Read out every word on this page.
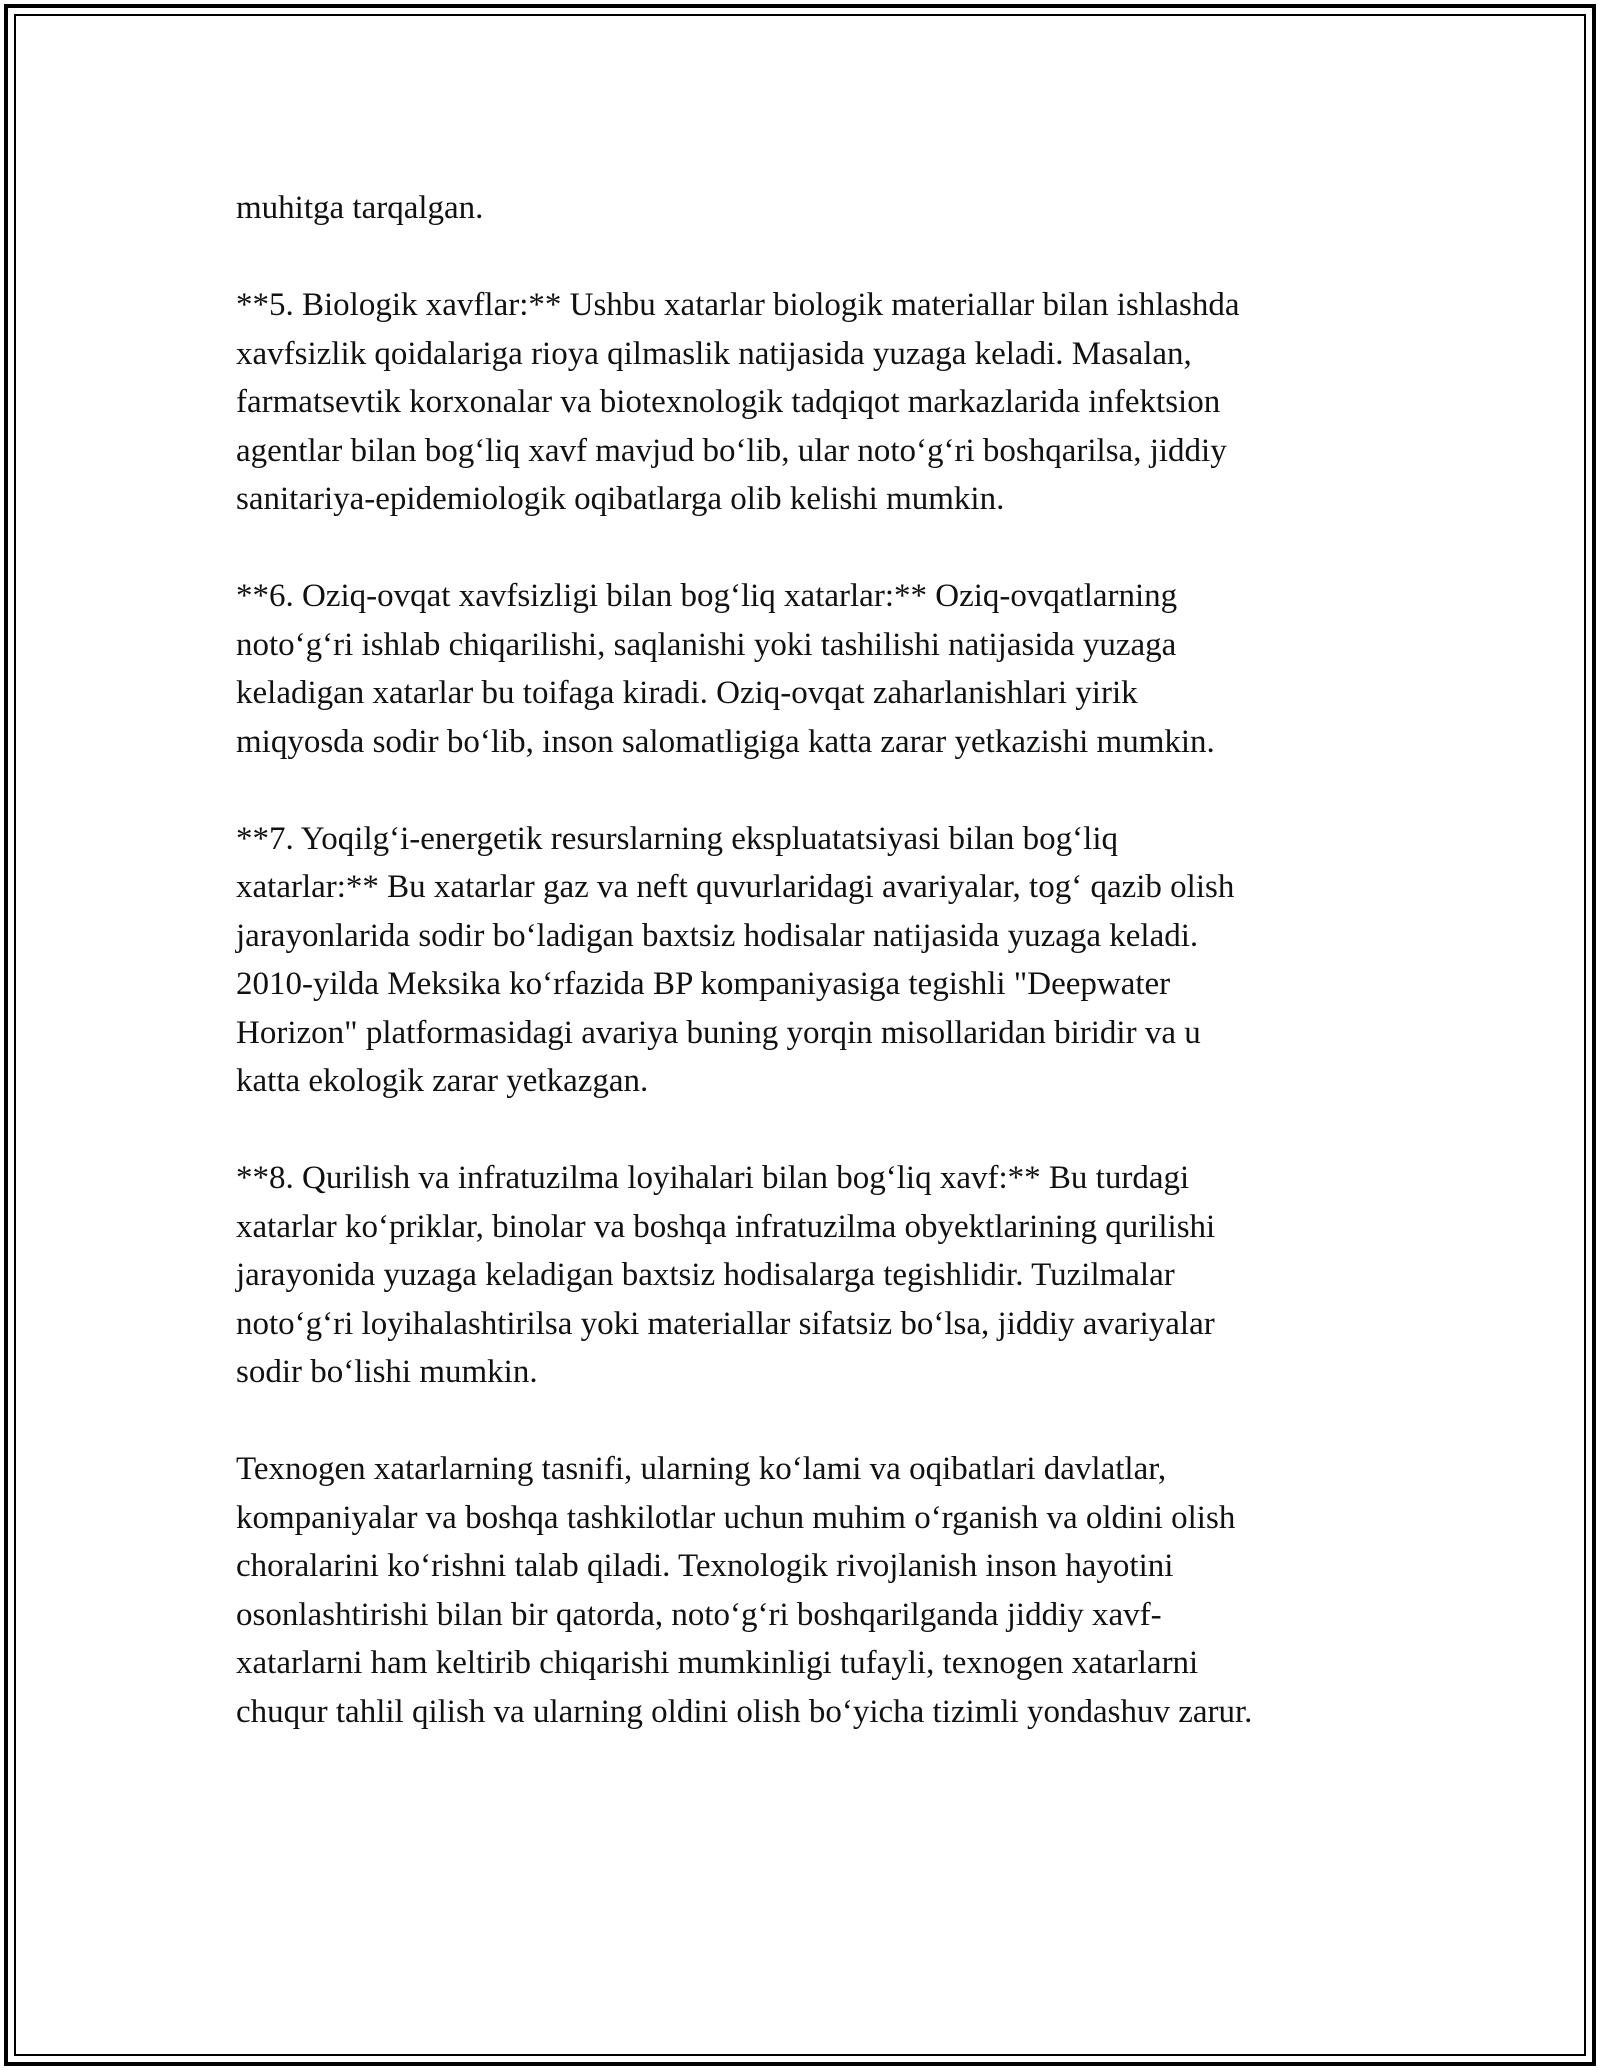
muhitga tarqalgan.

**5. Biologik xavflar:** Ushbu xatarlar biologik materiallar bilan ishlashda
xavfsizlik qoidalariga rioya qilmaslik natijasida yuzaga keladi. Masalan,
farmatsevtik korxonalar va biotexnologik tadqiqot markazlarida infektsion
agentlar bilan bog‘liq xavf mavjud bo‘lib, ular noto‘g‘ri boshqarilsa, jiddiy
sanitariya-epidemiologik oqibatlarga olib kelishi mumkin.

**6. Oziq-ovqat xavfsizligi bilan bog‘liq xatarlar:** Oziq-ovqatlarning
noto‘g‘ri ishlab chiqarilishi, saqlanishi yoki tashilishi natijasida yuzaga
keladigan xatarlar bu toifaga kiradi. Oziq-ovqat zaharlanishlari yirik
miqyosda sodir bo‘lib, inson salomatligiga katta zarar yetkazishi mumkin.

**7. Yoqilg‘i-energetik resurslarning ekspluatatsiyasi bilan bog‘liq
xatarlar:** Bu xatarlar gaz va neft quvurlaridagi avariyalar, tog‘ qazib olish
jarayonlarida sodir bo‘ladigan baxtsiz hodisalar natijasida yuzaga keladi.
2010-yilda Meksika ko‘rfazida BP kompaniyasiga tegishli "Deepwater
Horizon" platformasidagi avariya buning yorqin misollaridan biridir va u
katta ekologik zarar yetkazgan.

**8. Qurilish va infratuzilma loyihalari bilan bog‘liq xavf:** Bu turdagi
xatarlar ko‘priklar, binolar va boshqa infratuzilma obyektlarining qurilishi
jarayonida yuzaga keladigan baxtsiz hodisalarga tegishlidir. Tuzilmalar
noto‘g‘ri loyihalashtirilsa yoki materiallar sifatsiz bo‘lsa, jiddiy avariyalar
sodir bo‘lishi mumkin.

Texnogen xatarlarning tasnifi, ularning ko‘lami va oqibatlari davlatlar,
kompaniyalar va boshqa tashkilotlar uchun muhim o‘rganish va oldini olish
choralarini ko‘rishni talab qiladi. Texnologik rivojlanish inson hayotini
osonlashtirishi bilan bir qatorda, noto‘g‘ri boshqarilganda jiddiy xavf-
xatarlarni ham keltirib chiqarishi mumkinligi tufayli, texnogen xatarlarni
chuqur tahlil qilish va ularning oldini olish bo‘yicha tizimli yondashuv zarur.
